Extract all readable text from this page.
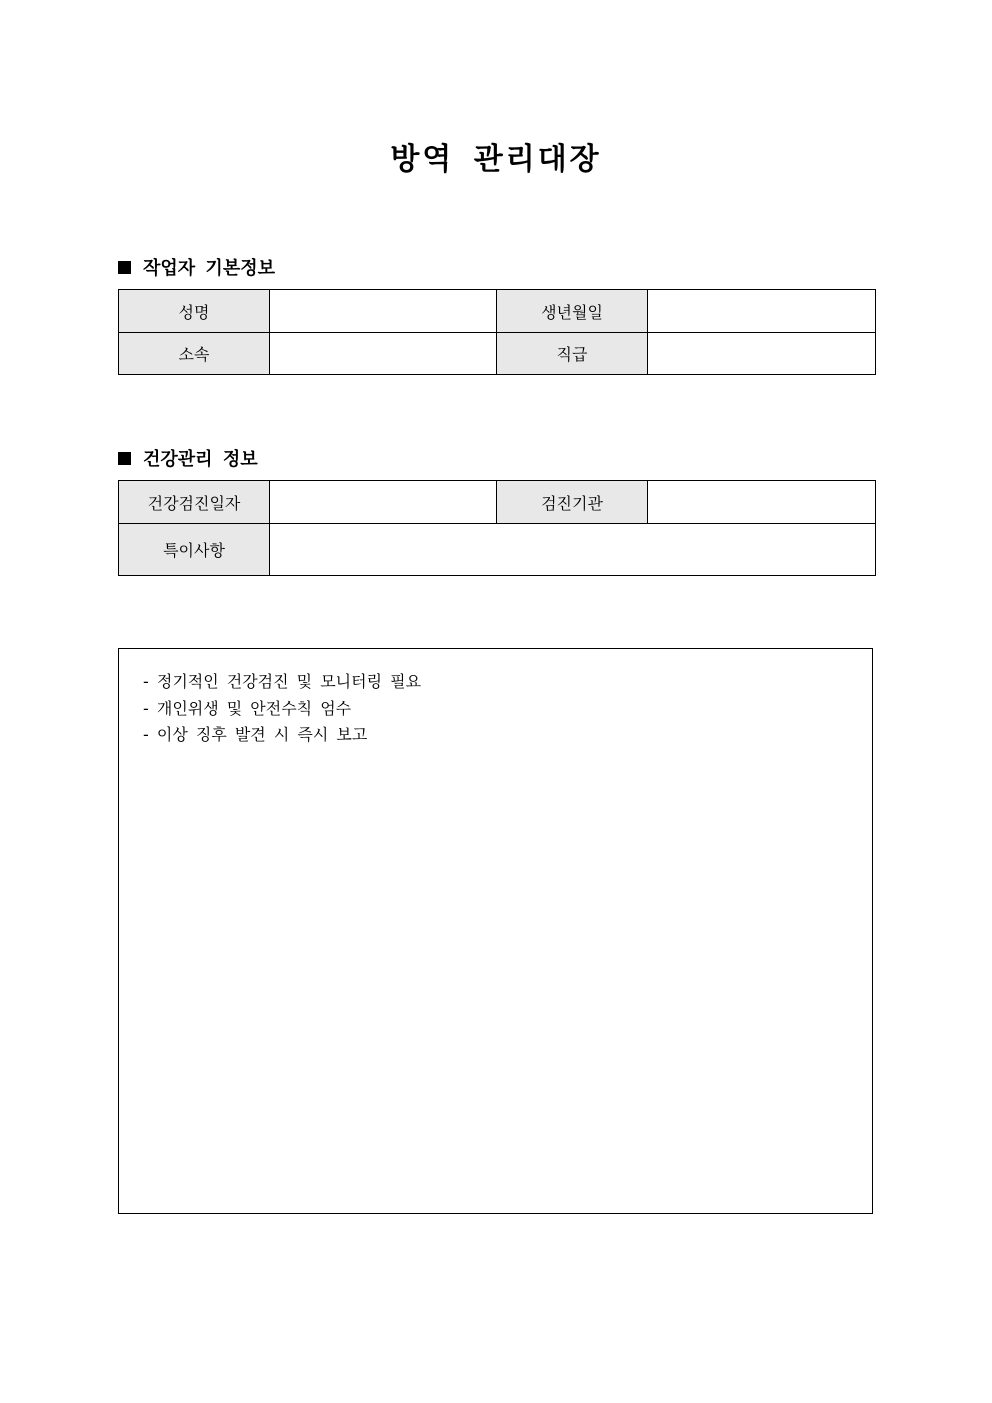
방역 관리대장
작업자 기본정보
성명		생년월일	
소속		직급	
건강관리 정보
건강검진일자		검진기관	
특이사항			
- 정기적인 건강검진 및 모니터링 필요
- 개인위생 및 안전수칙 엄수
- 이상 징후 발견 시 즉시 보고
